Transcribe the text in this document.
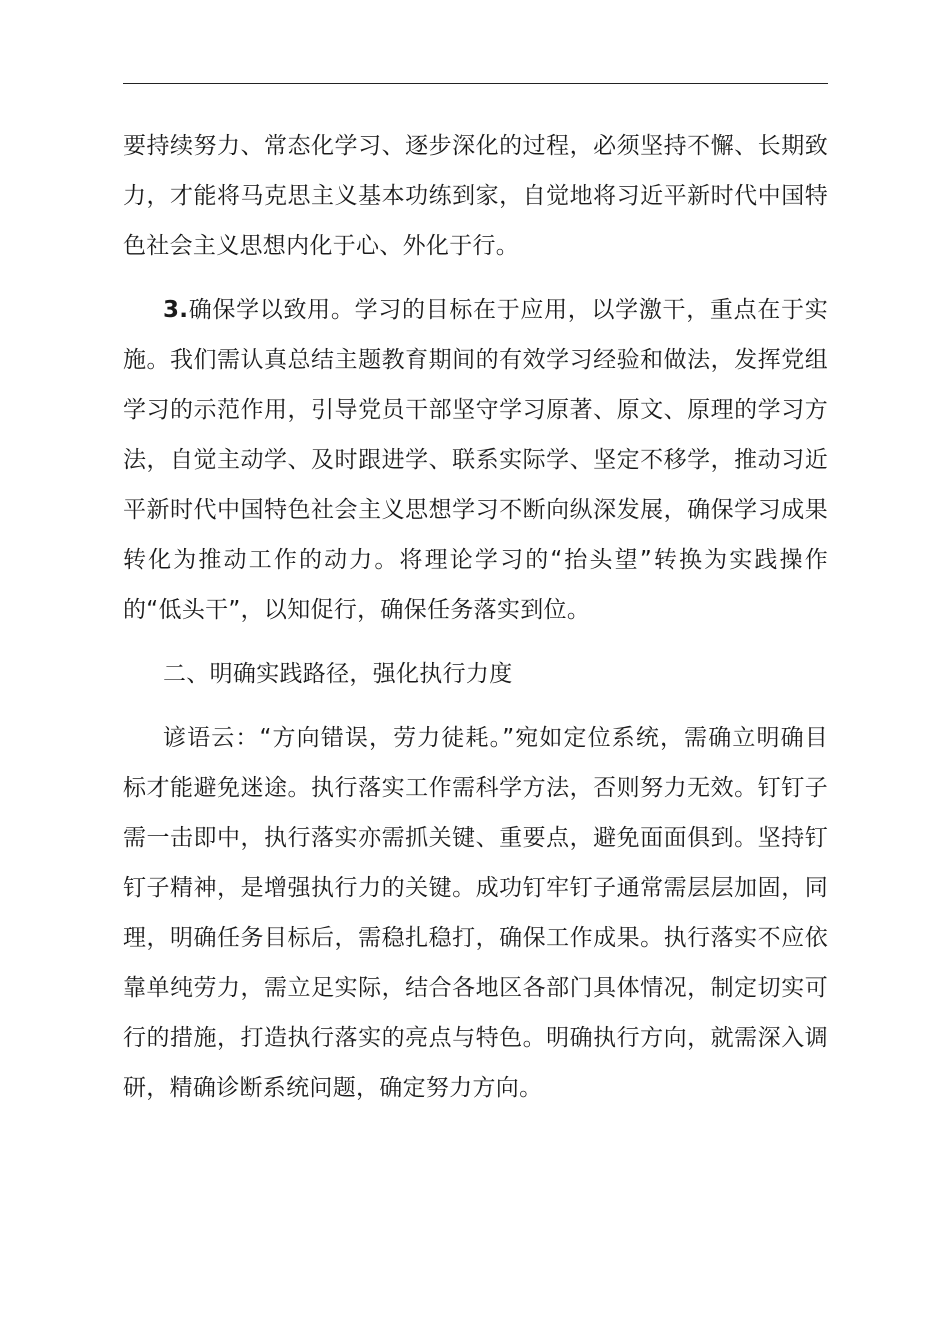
要持续努力、常态化学习、逐步深化的过程，必须坚持不懈、长期致力，才能将马克思主义基本功练到家，自觉地将习近平新时代中国特色社会主义思想内化于心、外化于行。

3.确保学以致用。学习的目标在于应用，以学激干，重点在于实施。我们需认真总结主题教育期间的有效学习经验和做法，发挥党组学习的示范作用，引导党员干部坚守学习原著、原文、原理的学习方法，自觉主动学、及时跟进学、联系实际学、坚定不移学，推动习近平新时代中国特色社会主义思想学习不断向纵深发展，确保学习成果转化为推动工作的动力。将理论学习的“抬头望”转换为实践操作的“低头干”，以知促行，确保任务落实到位。

二、明确实践路径，强化执行力度

谚语云：“方向错误，劳力徒耗。”宛如定位系统，需确立明确目标才能避免迷途。执行落实工作需科学方法，否则努力无效。钉钉子需一击即中，执行落实亦需抓关键、重要点，避免面面俱到。坚持钉钉子精神，是增强执行力的关键。成功钉牢钉子通常需层层加固，同理，明确任务目标后，需稳扎稳打，确保工作成果。执行落实不应依靠单纯劳力，需立足实际，结合各地区各部门具体情况，制定切实可行的措施，打造执行落实的亮点与特色。明确执行方向，就需深入调研，精确诊断系统问题，确定努力方向。
